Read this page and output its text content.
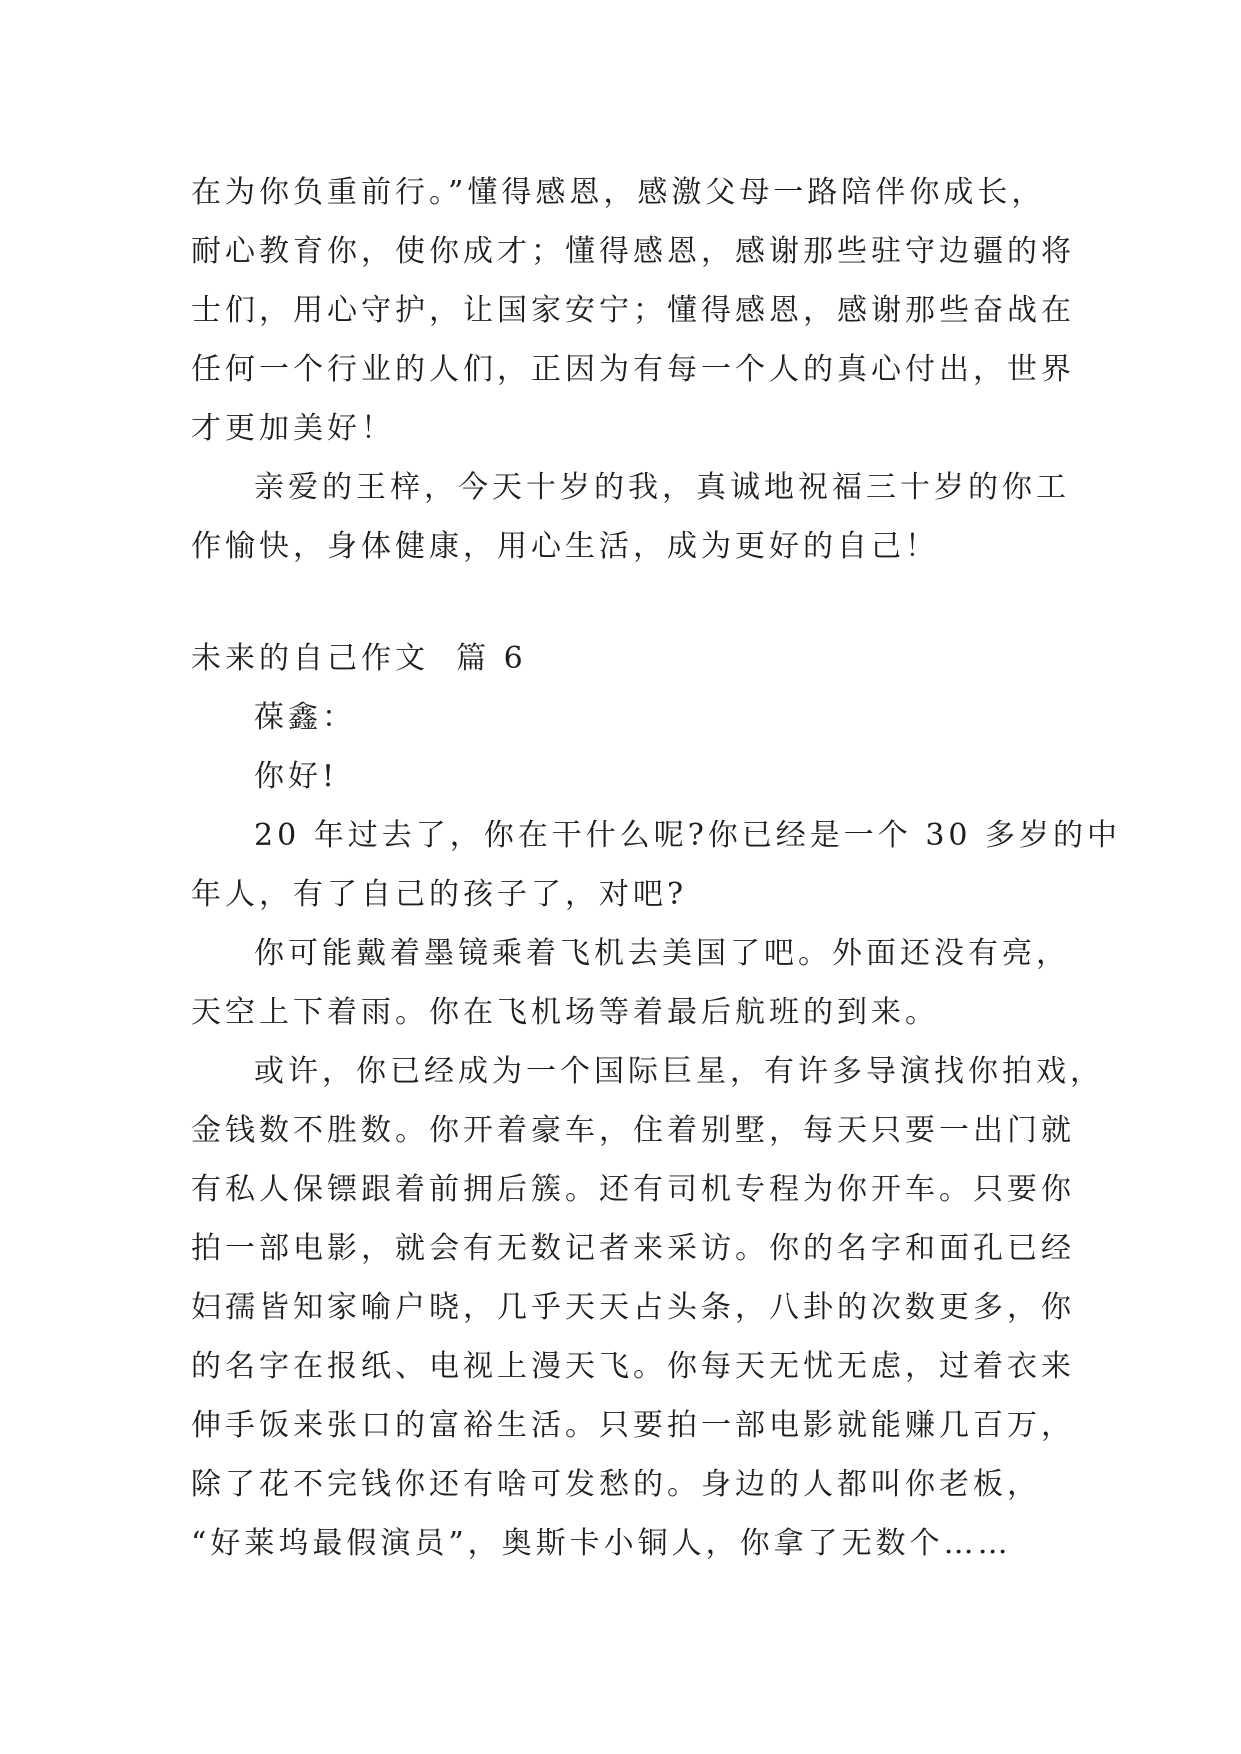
在为你负重前行。”懂得感恩，感激父母一路陪伴你成长，
耐心教育你，使你成才；懂得感恩，感谢那些驻守边疆的将
士们，用心守护，让国家安宁；懂得感恩，感谢那些奋战在
任何一个行业的人们，正因为有每一个人的真心付出，世界
才更加美好！
亲爱的王梓，今天十岁的我，真诚地祝福三十岁的你工
作愉快，身体健康，用心生活，成为更好的自己！
未来的自己作文  篇 6
葆鑫：
你好!
20 年过去了，你在干什么呢?你已经是一个 30 多岁的中
年人，有了自己的孩子了，对吧?
你可能戴着墨镜乘着飞机去美国了吧。外面还没有亮，
天空上下着雨。你在飞机场等着最后航班的到来。
或许，你已经成为一个国际巨星，有许多导演找你拍戏，
金钱数不胜数。你开着豪车，住着别墅，每天只要一出门就
有私人保镖跟着前拥后簇。还有司机专程为你开车。只要你
拍一部电影，就会有无数记者来采访。你的名字和面孔已经
妇孺皆知家喻户晓，几乎天天占头条，八卦的次数更多，你
的名字在报纸、电视上漫天飞。你每天无忧无虑，过着衣来
伸手饭来张口的富裕生活。只要拍一部电影就能赚几百万，
除了花不完钱你还有啥可发愁的。身边的人都叫你老板，
“好莱坞最假演员”，奥斯卡小铜人，你拿了无数个……
